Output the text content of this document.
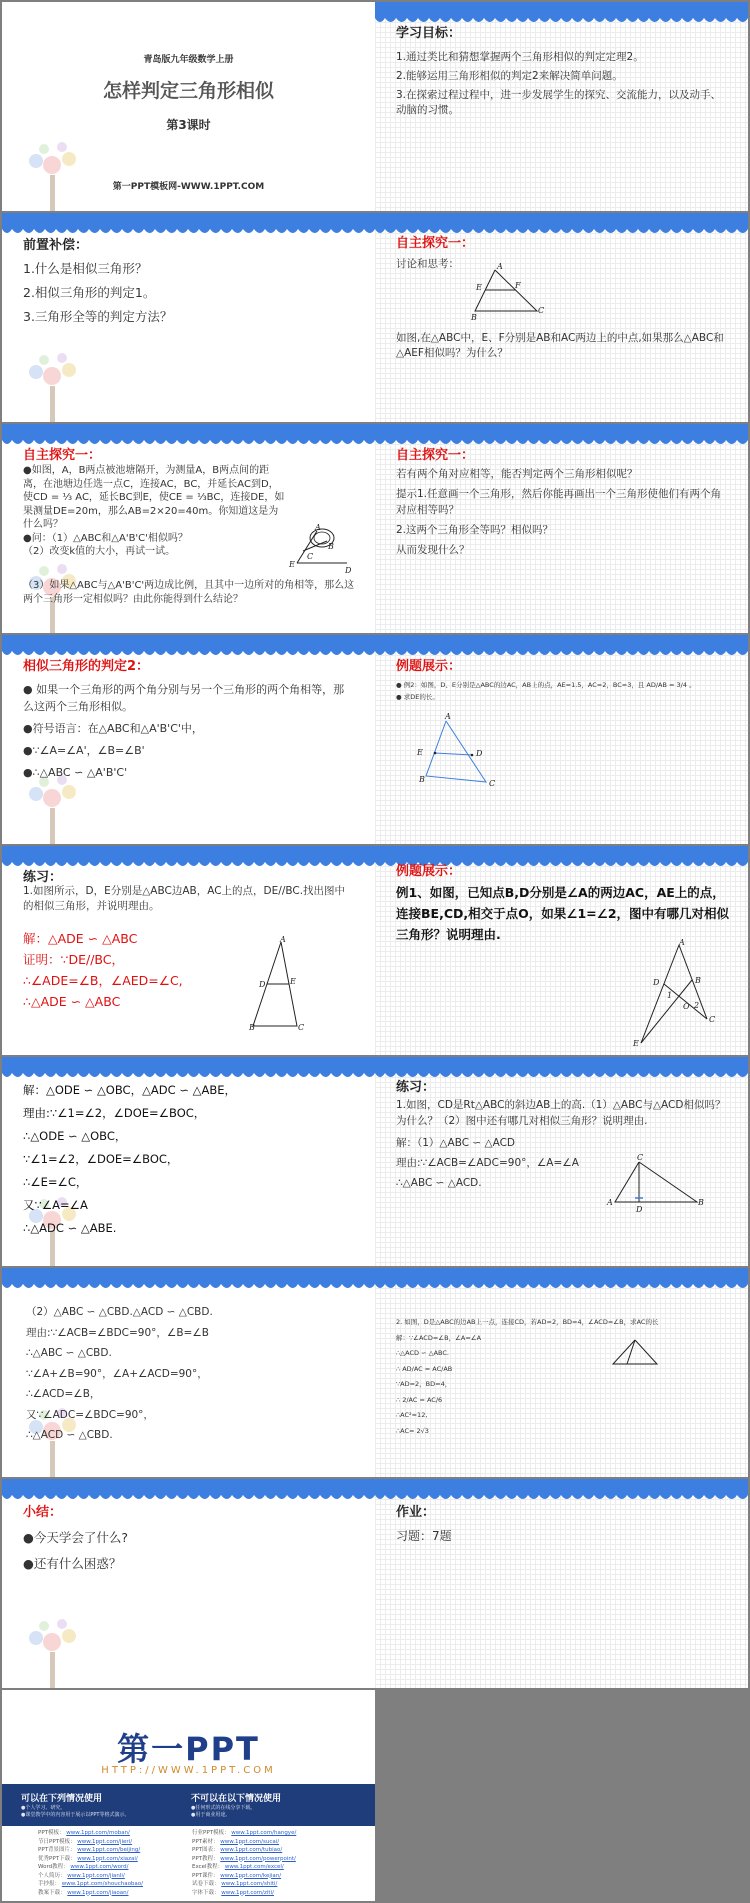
青岛版九年级数学上册
怎样判定三角形相似
第3课时
第一PPT模板网-WWW.1PPT.COM
学习目标：

1.通过类比和猜想掌握两个三角形相似的判定定理2。

2.能够运用三角形相似的判定2来解决简单问题。

3.在探索过程过程中，进一步发展学生的探究、交流能力，以及动手、动脑的习惯。

前置补偿：

1.什么是相似三角形？

2.相似三角形的判定1。

3.三角形全等的判定方法？

自主探究一：
讨论和思考：	A
E	F
B
C
如图,在△ABC中，E、F分别是AB和AC两边上的中点,如果那么△ABC和△AEF相似吗？为什么？
自主探究一：

●如图，A，B两点被池塘隔开，为测量A，B两点间的距离，在池塘边任选一点C，连接AC，BC，并延长AC到D，使CD = ⅓ AC，延长BC到E，使CE = ⅓BC，连接DE，如果测量DE=20m，那么AB=2×20=40m。你知道这是为什么吗？

●问：（1）△ABC和△A'B'C'相似吗？

（2）改变k值的大小，再试一试。

（3）如果△ABC与△A'B'C'两边成比例，且其中一边所对的角相等，那么这两个三角形一定相似吗？由此你能得到什么结论？
A
B
C
E
D
自主探究一：

若有两个角对应相等，能否判定两个三角形相似呢？

提示1.任意画一个三角形，然后你能再画出一个三角形使他们有两个角对应相等吗？

2.这两个三角形全等吗？相似吗？

从而发现什么？

相似三角形的判定2：

● 如果一个三角形的两个角分别与另一个三角形的两个角相等，那么这两个三角形相似。

●符号语言：在△ABC和△A'B'C'中，

●∵∠A=∠A'，∠B=∠B'

●∴△ABC ∽ △A'B'C'

例题展示：

● 例2：如图，D、E分别是△ABC的边AC，AB上的点，AE=1.5，AC=2，BC=3，且 AD/AB = 3/4 。

● 求DE的长。

A
E	D
B	C
练习：
1.如图所示，D，E分别是△ABC边AB，AC上的点，DE//BC.找出图中的相似三角形，并说明理由。

解：△ADE ∽ △ABC

证明：∵DE//BC，

∴∠ADE=∠B，∠AED=∠C,

∴△ADE ∽ △ABC

A
D	E
B	C
例题展示：
例1、如图，已知点B,D分别是∠A的两边AC，AE上的点，连接BE,CD,相交于点O，如果∠1=∠2，图中有哪几对相似三角形？说明理由.
A
D	B
O
1
2
C
E

解：△ODE ∽ △OBC，△ADC ∽ △ABE，

理由:∵∠1=∠2，∠DOE=∠BOC，

∴△ODE ∽ △OBC，

∵∠1=∠2，∠DOE=∠BOC，

∴∠E=∠C，

又∵∠A=∠A

∴△ADC ∽ △ABE.

练习：
1.如图，CD是Rt△ABC的斜边AB上的高.（1）△ABC与△ACD相似吗？为什么？（2）图中还有哪几对相似三角形？说明理由.

解：（1）△ABC ∽ △ACD

理由:∵∠ACB=∠ADC=90°，∠A=∠A

∴△ABC ∽ △ACD.

C
A
D
B

（2）△ABC ∽ △CBD.△ACD ∽ △CBD.

理由:∵∠ACB=∠BDC=90°，∠B=∠B

∴△ABC ∽ △CBD.

∵∠A+∠B=90°，∠A+∠ACD=90°，

∴∠ACD=∠B，

又∵∠ADC=∠BDC=90°，

∴△ACD ∽ △CBD.

2. 如图，D是△ABC的边AB上一点，连接CD，若AD=2，BD=4，∠ACD=∠B，求AC的长

解：∵∠ACD=∠B，∠A=∠A

∴△ACD ∽ △ABC.

∴ AD/AC = AC/AB

∵AD=2，BD=4，

∴ 2/AC = AC/6

∴AC²=12,

∴AC= 2√3

小结：

●今天学会了什么?

●还有什么困惑？

作业：
习题：7题
第一PPT
HTTP://WWW.1PPT.COM
可以在下列情况使用
●个人学习、研究。
●课堂教学中的内容用于展示以PPT等格式演示。
不可以在以下情况使用
●任何形式的在线分享下载。
●用于商业用途。
PPT模板： www.1ppt.com/moban/
节日PPT模板： www.1ppt.com/jieri/
PPT背景图片： www.1ppt.com/beijing/
优秀PPT下载： www.1ppt.com/xiazai/
Word教程： www.1ppt.com/word/
个人简历： www.1ppt.com/jianli/
手抄报： www.1ppt.com/shouchaobao/
教案下载： www.1ppt.com/jiaoan/
行业PPT模板： www.1ppt.com/hangye/
PPT素材： www.1ppt.com/sucai/
PPT图表： www.1ppt.com/tubiao/
PPT教程： www.1ppt.com/powerpoint/
Excel教程： www.1ppt.com/excel/
PPT课件： www.1ppt.com/kejian/
试卷下载： www.1ppt.com/shiti/
字体下载： www.1ppt.com/ziti/
